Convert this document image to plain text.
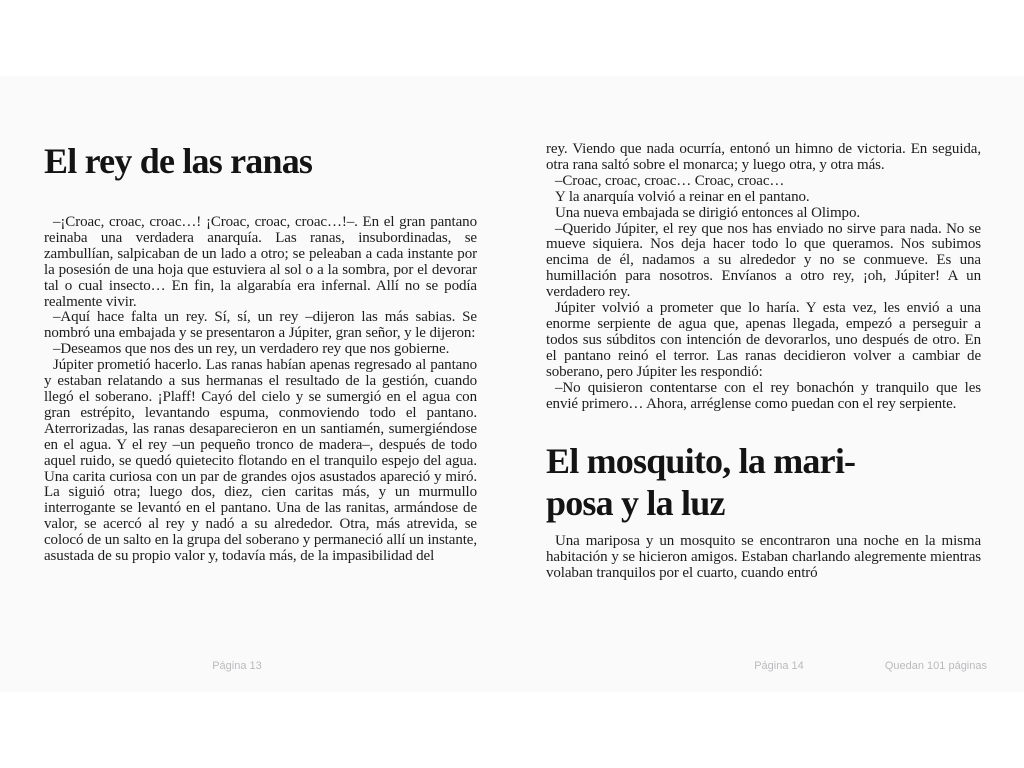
El rey de las ranas

–¡Croac, croac, croac…! ¡Croac, croac, croac…!–. En el gran pantano reinaba una verdadera anarquía. Las ranas, insubordinadas, se zambullían, salpicaban de un lado a otro; se peleaban a cada instante por la posesión de una hoja que estuviera al sol o a la sombra, por el devorar tal o cual insecto… En fin, la algarabía era infernal. Allí no se podía realmente vivir.

–Aquí hace falta un rey. Sí, sí, un rey –dijeron las más sabias. Se nombró una embajada y se presentaron a Júpiter, gran señor, y le dijeron:

–Deseamos que nos des un rey, un verdadero rey que nos gobierne.

Júpiter prometió hacerlo. Las ranas habían apenas regresado al pantano y estaban relatando a sus hermanas el resultado de la gestión, cuando llegó el soberano. ¡Plaff! Cayó del cielo y se sumergió en el agua con gran estrépito, levantando espuma, conmoviendo todo el pantano. Aterrorizadas, las ranas desaparecieron en un santiamén, sumergiéndose en el agua. Y el rey –un pequeño tronco de madera–, después de todo aquel ruido, se quedó quietecito flotando en el tranquilo espejo del agua. Una carita curiosa con un par de grandes ojos asustados apareció y miró. La siguió otra; luego dos, diez, cien caritas más, y un murmullo interrogante se levantó en el pantano. Una de las ranitas, armándose de valor, se acercó al rey y nadó a su alrededor. Otra, más atrevida, se colocó de un salto en la grupa del soberano y permaneció allí un instante, asustada de su propio valor y, todavía más, de la impasibilidad del

rey. Viendo que nada ocurría, entonó un himno de victoria. En seguida, otra rana saltó sobre el monarca; y luego otra, y otra más.

–Croac, croac, croac… Croac, croac…

Y la anarquía volvió a reinar en el pantano.

Una nueva embajada se dirigió entonces al Olimpo.

–Querido Júpiter, el rey que nos has enviado no sirve para nada. No se mueve siquiera. Nos deja hacer todo lo que queramos. Nos subimos encima de él, nadamos a su alrededor y no se conmueve. Es una humillación para nosotros. Envíanos a otro rey, ¡oh, Júpiter! A un verdadero rey.

Júpiter volvió a prometer que lo haría. Y esta vez, les envió a una enorme serpiente de agua que, apenas llegada, empezó a perseguir a todos sus súbditos con intención de devorarlos, uno después de otro. En el pantano reinó el terror. Las ranas decidieron volver a cambiar de soberano, pero Júpiter les respondió:

–No quisieron contentarse con el rey bonachón y tranquilo que les envié primero… Ahora, arréglense como puedan con el rey serpiente.

El mosquito, la mari-
posa y la luz

Una mariposa y un mosquito se encontraron una noche en la misma habitación y se hicieron amigos. Estaban charlando alegremente mientras volaban tranquilos por el cuarto, cuando entró

Página 13	Página 14	Quedan 101 páginas
